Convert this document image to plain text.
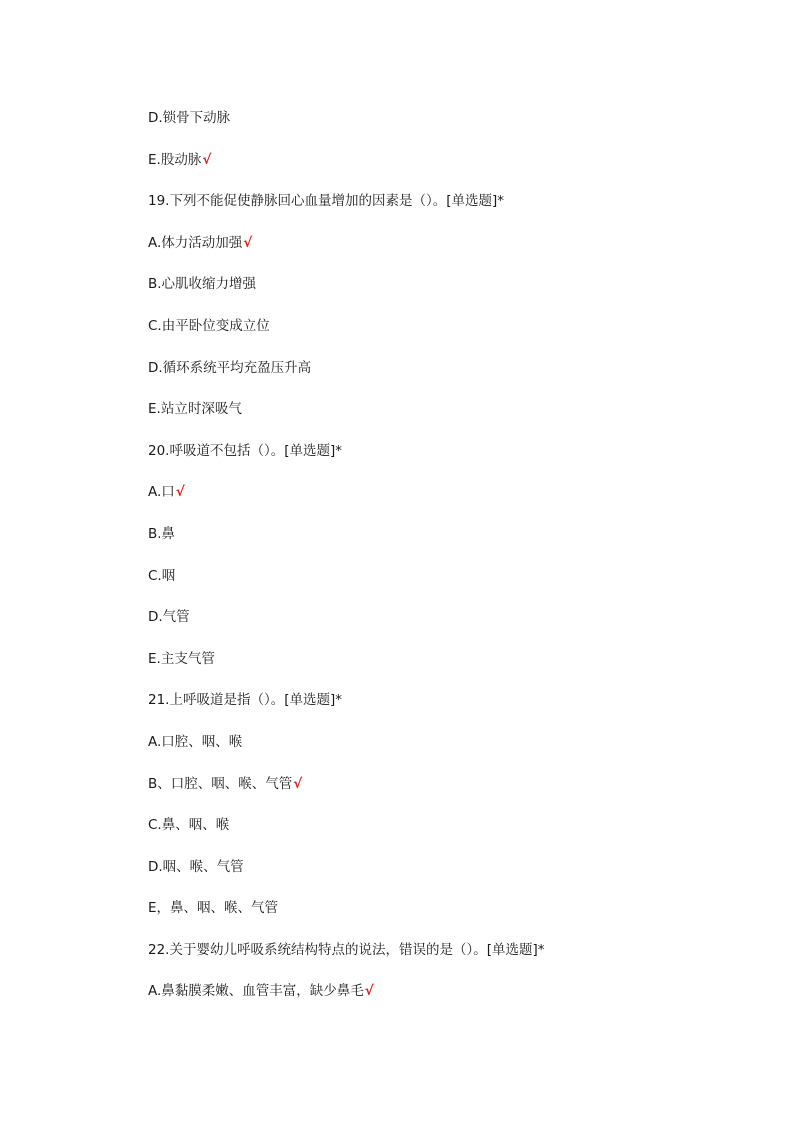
D.锁骨下动脉
E.股动脉√
19.下列不能促使静脉回心血量增加的因素是（）。[单选题]*
A.体力活动加强√
B.心肌收缩力增强
C.由平卧位变成立位
D.循环系统平均充盈压升高
E.站立时深吸气
20.呼吸道不包括（）。[单选题]*
A.口√
B.鼻
C.咽
D.气管
E.主支气管
21.上呼吸道是指（）。[单选题]*
A.口腔、咽、喉
B、口腔、咽、喉、气管√
C.鼻、咽、喉
D.咽、喉、气管
E，鼻、咽、喉、气管
22.关于婴幼儿呼吸系统结构特点的说法，错误的是（）。[单选题]*
A.鼻黏膜柔嫩、血管丰富，缺少鼻毛√
